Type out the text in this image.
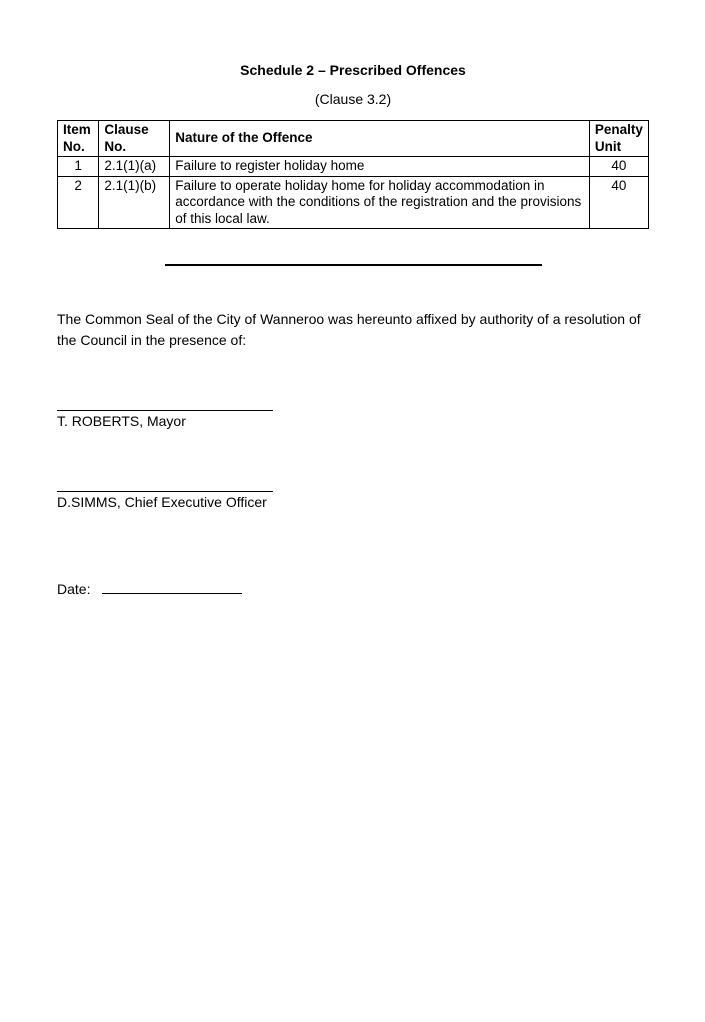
Schedule 2 – Prescribed Offences
(Clause 3.2)
Item No.	Clause No.	Nature of the Offence	Penalty Unit
1	2.1(1)(a)	Failure to register holiday home	40
2	2.1(1)(b)	Failure to operate holiday home for holiday accommodation in accordance with the conditions of the registration and the provisions of this local law.	40
The Common Seal of the City of Wanneroo was hereunto affixed by authority of a resolution of the Council in the presence of:
T. ROBERTS, Mayor
D.SIMMS, Chief Executive Officer
Date:
